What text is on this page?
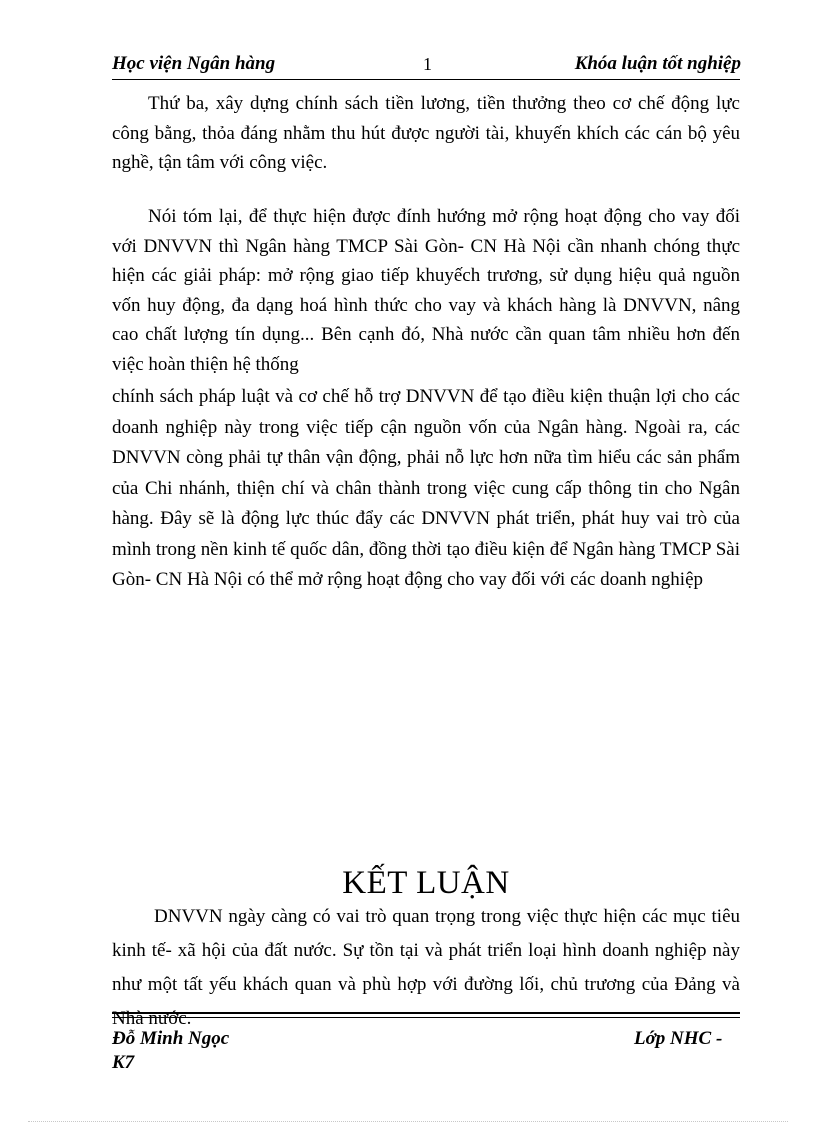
Học viện Ngân hàng	1	Khóa luận tốt nghiệp

Thứ ba, xây dựng chính sách tiền lương, tiền thưởng theo cơ chế động lực công bằng, thỏa đáng nhằm thu hút được người tài, khuyến khích các cán bộ yêu nghề, tận tâm với công việc.

Nói tóm lại, để thực hiện được đính hướng mở rộng hoạt động cho vay đối với DNVVN thì Ngân hàng TMCP Sài Gòn- CN Hà Nội cần nhanh chóng thực hiện các giải pháp: mở rộng giao tiếp khuyếch trương, sử dụng hiệu quả nguồn vốn huy động, đa dạng hoá hình thức cho vay và khách hàng là DNVVN, nâng cao chất lượng tín dụng... Bên cạnh đó, Nhà nước cần quan tâm nhiều hơn đến việc hoàn thiện hệ thống

chính sách pháp luật và cơ chế hỗ trợ DNVVN để tạo điều kiện thuận lợi cho các doanh nghiệp này trong việc tiếp cận nguồn vốn của Ngân hàng. Ngoài ra, các DNVVN còng phải tự thân vận động, phải nỗ lực hơn nữa tìm hiểu các sản phẩm của Chi nhánh, thiện chí và chân thành trong việc cung cấp thông tin cho Ngân hàng. Đây sẽ là động lực thúc đẩy các DNVVN phát triển, phát huy vai trò của mình trong nền kinh tế quốc dân, đồng thời tạo điều kiện để Ngân hàng TMCP Sài Gòn- CN Hà Nội có thể mở rộng hoạt động cho vay đối với các doanh nghiệp

KẾT LUẬN

DNVVN ngày càng có vai trò quan trọng trong việc thực hiện các mục tiêu kinh tế- xã hội của đất nước. Sự tồn tại và phát triển loại hình doanh nghiệp này như một tất yếu khách quan và phù hợp với đường lối, chủ trương của Đảng và Nhà nước.

Đỗ Minh Ngọc	Lớp NHC -
K7
